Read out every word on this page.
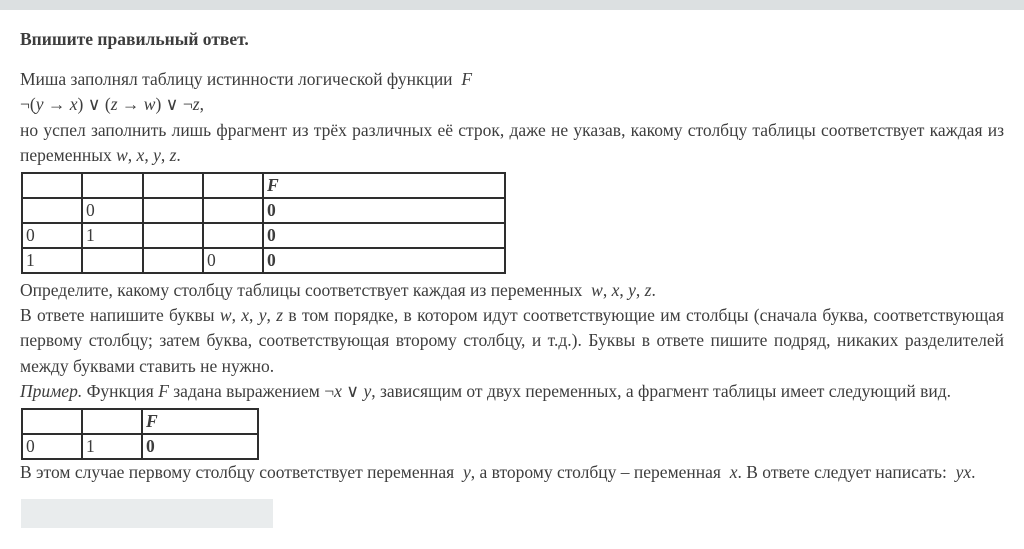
Впишите правильный ответ.

Миша заполнял таблицу истинности логической функции  F

¬(y → x) ∨ (z → w) ∨ ¬z,

но успел заполнить лишь фрагмент из трёх различных её строк, даже не указав, какому столбцу таблицы соответствует каждая из переменных w, x, y, z.

				F
	0			0
0	1			0
1			0	0

Определите, какому столбцу таблицы соответствует каждая из переменных  w, x, y, z.

В ответе напишите буквы w, x, y, z в том порядке, в котором идут соответствующие им столбцы (сначала буква, соответствующая первому столбцу; затем буква, соответствующая второму столбцу, и т.д.). Буквы в ответе пишите подряд, никаких разделителей между буквами ставить не нужно.

Пример. Функция F задана выражением ¬x ∨ y, зависящим от двух переменных, а фрагмент таблицы имеет следующий вид.

		F
0	1	0

В этом случае первому столбцу соответствует переменная  y, а второму столбцу – переменная  x. В ответе следует написать:  yx.
